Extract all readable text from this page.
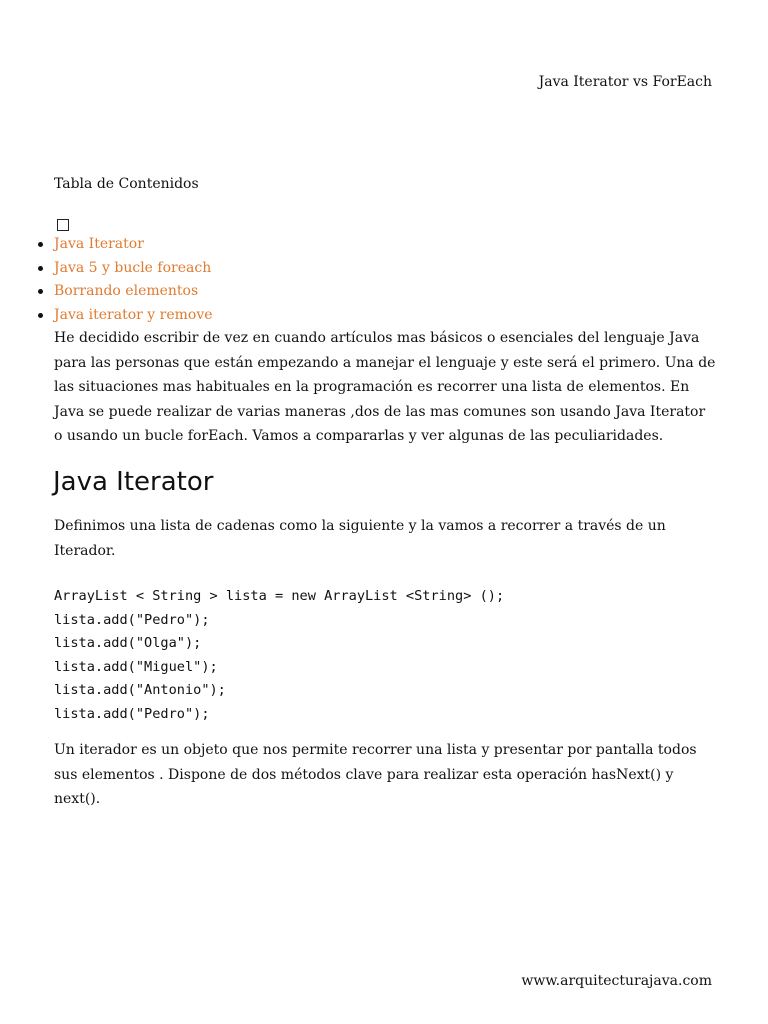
Java Iterator vs ForEach
Tabla de Contenidos
Java Iterator
Java 5 y bucle foreach
Borrando elementos
Java iterator y remove

He decidido escribir de vez en cuando artículos mas básicos o esenciales del lenguaje Java
para las personas que están empezando a manejar el lenguaje y este será el primero. Una de
las situaciones mas habituales en la programación es recorrer una lista de elementos. En
Java se puede realizar de varias maneras ,dos de las mas comunes son usando Java Iterator
o usando un bucle forEach. Vamos a compararlas y ver algunas de las peculiaridades.

Java Iterator

Definimos una lista de cadenas como la siguiente y la vamos a recorrer a través de un
Iterador.

ArrayList < String > lista = new ArrayList <String> ();
lista.add("Pedro");
lista.add("Olga");
lista.add("Miguel");
lista.add("Antonio");
lista.add("Pedro");

Un iterador es un objeto que nos permite recorrer una lista y presentar por pantalla todos
sus elementos . Dispone de dos métodos clave para realizar esta operación hasNext() y
next().

www.arquitecturajava.com
